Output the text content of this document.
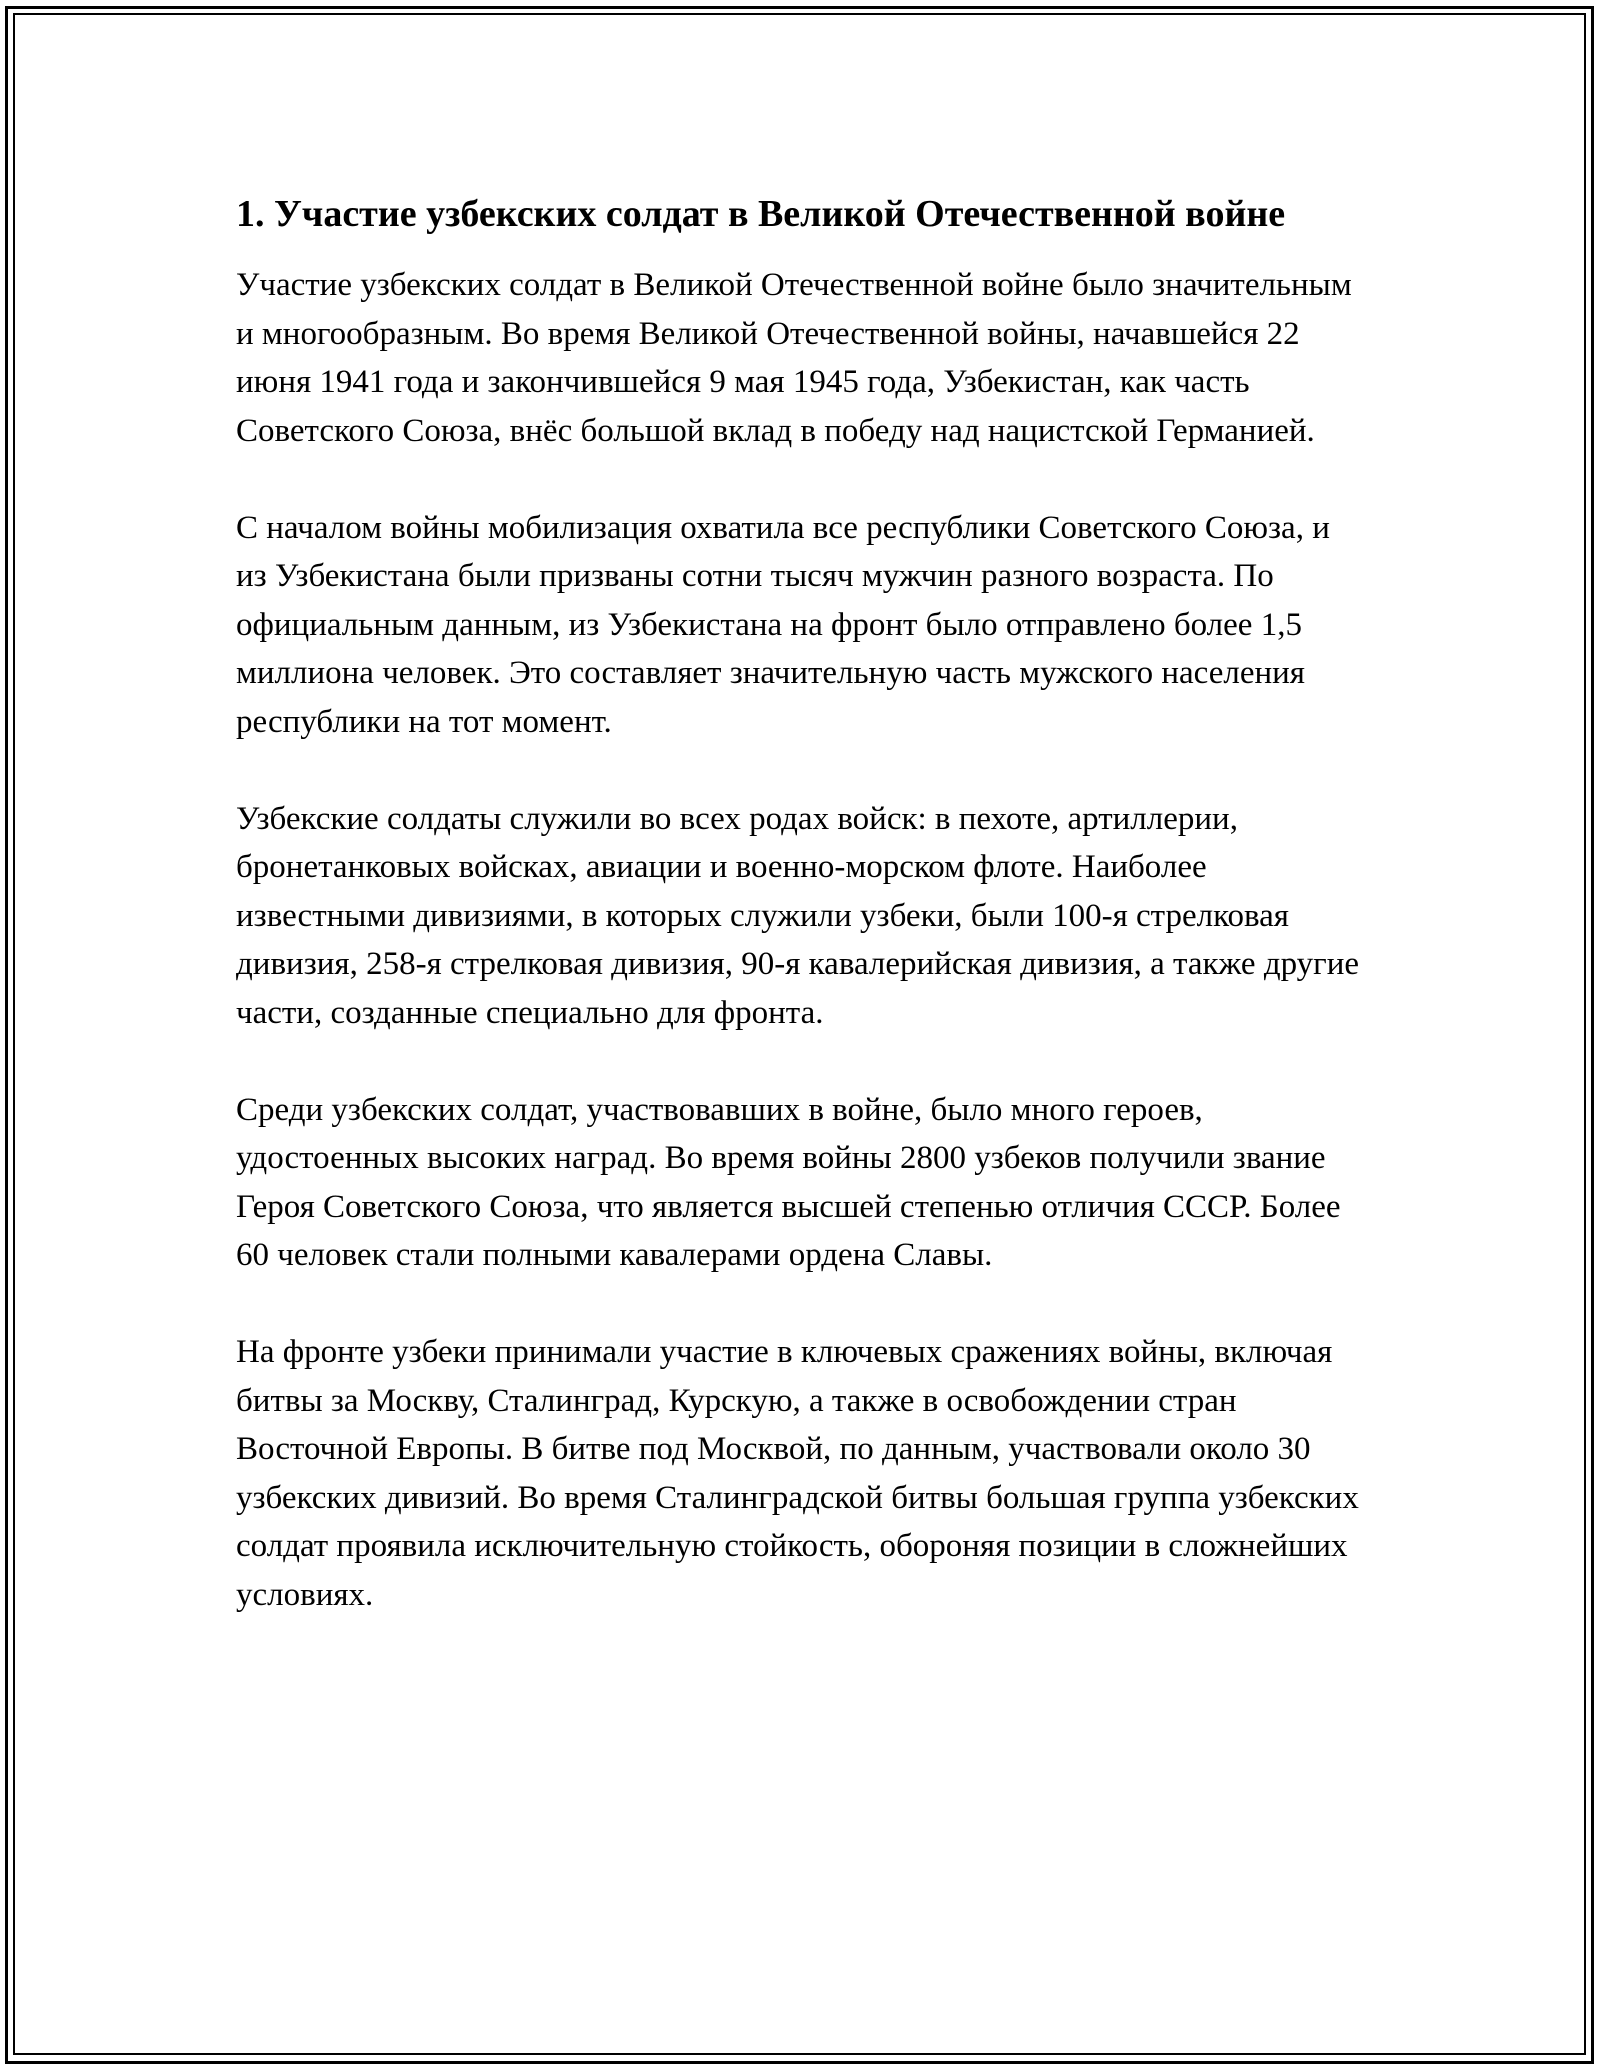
1. Участие узбекских солдат в Великой Отечественной войне

Участие узбекских солдат в Великой Отечественной войне было значительным и многообразным. Во время Великой Отечественной войны, начавшейся 22 июня 1941 года и закончившейся 9 мая 1945 года, Узбекистан, как часть Советского Союза, внёс большой вклад в победу над нацистской Германией.

С началом войны мобилизация охватила все республики Советского Союза, и из Узбекистана были призваны сотни тысяч мужчин разного возраста. По официальным данным, из Узбекистана на фронт было отправлено более 1,5 миллиона человек. Это составляет значительную часть мужского населения республики на тот момент.

Узбекские солдаты служили во всех родах войск: в пехоте, артиллерии, бронетанковых войсках, авиации и военно-морском флоте. Наиболее известными дивизиями, в которых служили узбеки, были 100-я стрелковая дивизия, 258-я стрелковая дивизия, 90-я кавалерийская дивизия, а также другие части, созданные специально для фронта.

Среди узбекских солдат, участвовавших в войне, было много героев, удостоенных высоких наград. Во время войны 2800 узбеков получили звание Героя Советского Союза, что является высшей степенью отличия СССР. Более 60 человек стали полными кавалерами ордена Славы.

На фронте узбеки принимали участие в ключевых сражениях войны, включая битвы за Москву, Сталинград, Курскую, а также в освобождении стран Восточной Европы. В битве под Москвой, по данным, участвовали около 30 узбекских дивизий. Во время Сталинградской битвы большая группа узбекских солдат проявила исключительную стойкость, обороняя позиции в сложнейших условиях.
